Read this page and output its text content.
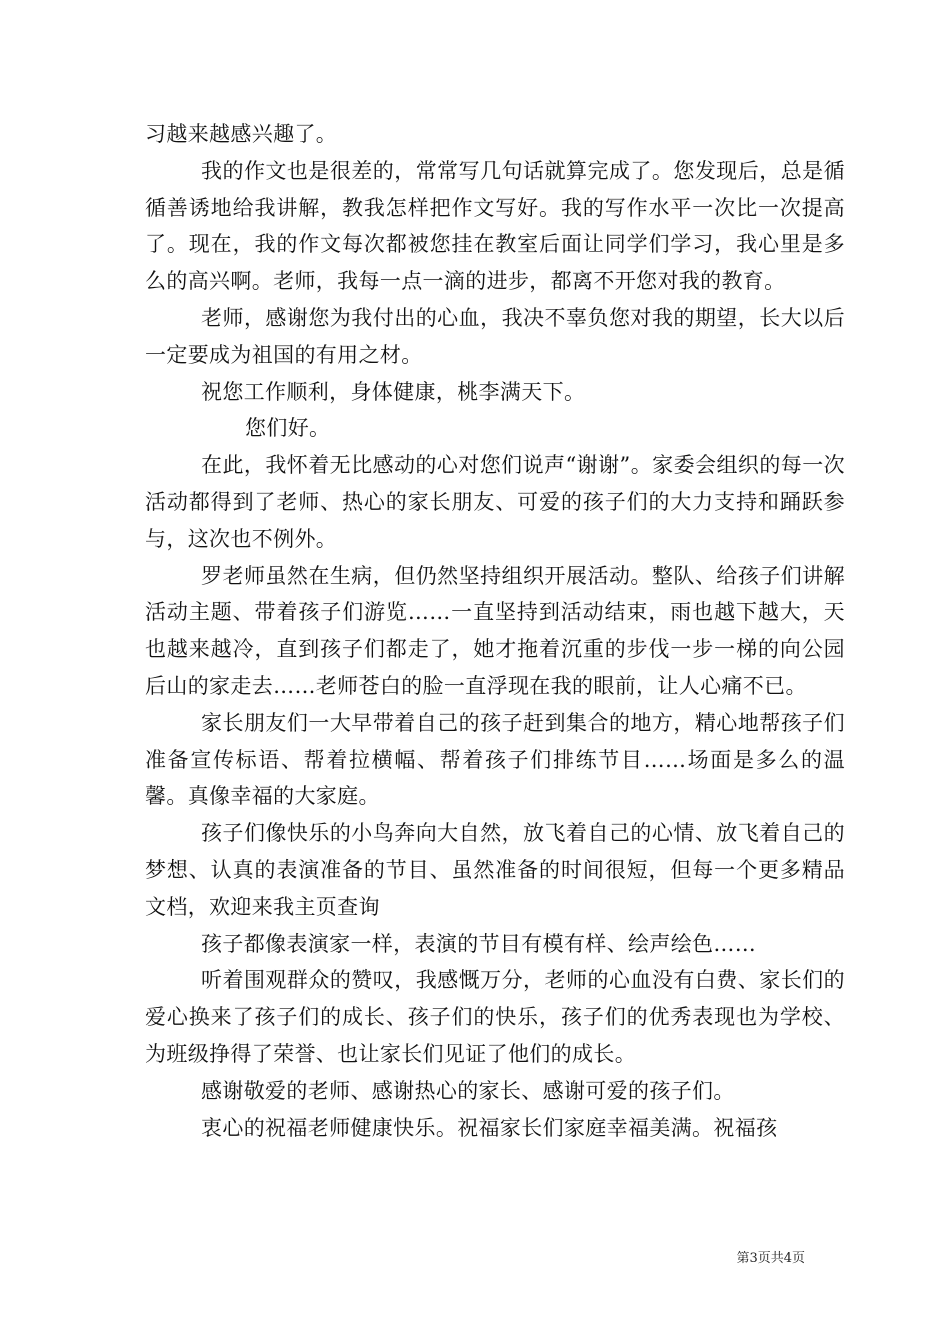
习越来越感兴趣了。

我的作文也是很差的，常常写几句话就算完成了。您发现后，总是循循善诱地给我讲解，教我怎样把作文写好。我的写作水平一次比一次提高了。现在，我的作文每次都被您挂在教室后面让同学们学习，我心里是多么的高兴啊。老师，我每一点一滴的进步，都离不开您对我的教育。

老师，感谢您为我付出的心血，我决不辜负您对我的期望，长大以后一定要成为祖国的有用之材。

祝您工作顺利，身体健康，桃李满天下。

您们好。

在此，我怀着无比感动的心对您们说声“谢谢”。家委会组织的每一次活动都得到了老师、热心的家长朋友、可爱的孩子们的大力支持和踊跃参与，这次也不例外。

罗老师虽然在生病，但仍然坚持组织开展活动。整队、给孩子们讲解活动主题、带着孩子们游览……一直坚持到活动结束，雨也越下越大，天也越来越冷，直到孩子们都走了，她才拖着沉重的步伐一步一梯的向公园后山的家走去……老师苍白的脸一直浮现在我的眼前，让人心痛不已。

家长朋友们一大早带着自己的孩子赶到集合的地方，精心地帮孩子们准备宣传标语、帮着拉横幅、帮着孩子们排练节目……场面是多么的温馨。真像幸福的大家庭。

孩子们像快乐的小鸟奔向大自然，放飞着自己的心情、放飞着自己的梦想、认真的表演准备的节目、虽然准备的时间很短，但每一个更多精品文档，欢迎来我主页查询

孩子都像表演家一样，表演的节目有模有样、绘声绘色……

听着围观群众的赞叹，我感慨万分，老师的心血没有白费、家长们的爱心换来了孩子们的成长、孩子们的快乐，孩子们的优秀表现也为学校、为班级挣得了荣誉、也让家长们见证了他们的成长。

感谢敬爱的老师、感谢热心的家长、感谢可爱的孩子们。

衷心的祝福老师健康快乐。祝福家长们家庭幸福美满。祝福孩

第3页共4页
